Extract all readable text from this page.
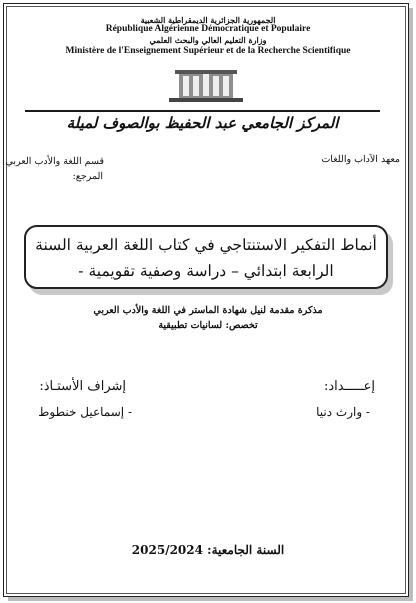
الجمهورية الجزائرية الديمقراطية الشعبية
République Algérienne Démocratique et Populaire
وزارة التعليم العالي والبحث العلمي
Ministère de l'Enseignement Supérieur et de la Recherche Scientifique
المركز الجامعي عبد الحفيظ بوالصوف لميلة
معهد الآداب واللغات
قسم اللغة والأدب العربي
المرجع:
أنماط التفكير الاستنتاجي في كتاب اللغة العربية السنة
الرابعة ابتدائي – دراسة وصفية تقويمية -
مذكرة مقدمة لنيل شهادة الماستر في اللغة والأدب العربي
تخصص: لسانيات تطبيقية
إعـــــداد:
إشراف الأستـاذ:
- وارث دنيا
- إسماعيل خنطوط
السنة الجامعية: 2025/2024
